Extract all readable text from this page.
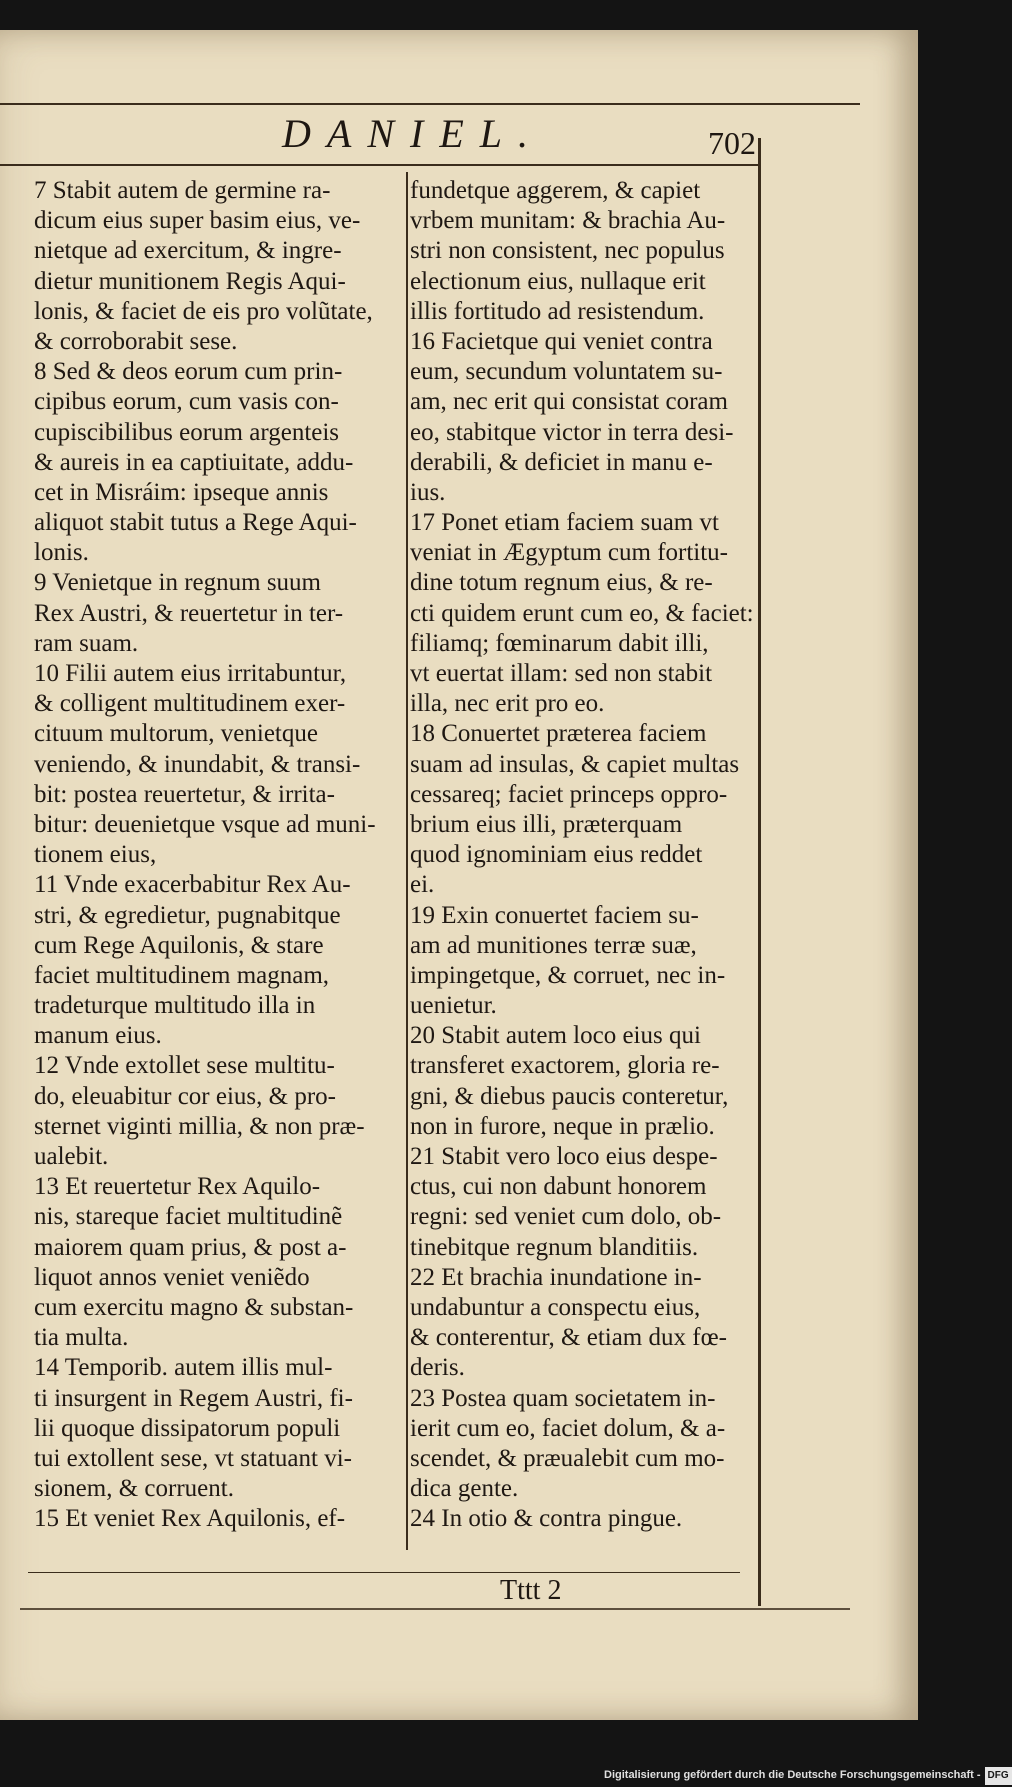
DANIEL.	702
7 Stabit autem de germine ra-
dicum eius super basim eius, ve-
nietque ad exercitum, & ingre-
dietur munitionem Regis Aqui-
lonis, & faciet de eis pro volũtate,
& corroborabit sese.
8 Sed & deos eorum cum prin-
cipibus eorum, cum vasis con-
cupiscibilibus eorum argenteis
& aureis in ea captiuitate, addu-
cet in Misráim: ipseque annis
aliquot stabit tutus a Rege Aqui-
lonis.
9 Venietque in regnum suum
Rex Austri, & reuertetur in ter-
ram suam.
10 Filii autem eius irritabuntur,
& colligent multitudinem exer-
cituum multorum, venietque
veniendo, & inundabit, & transi-
bit: postea reuertetur, & irrita-
bitur: deuenietque vsque ad muni-
tionem eius,
11 Vnde exacerbabitur Rex Au-
stri, & egredietur, pugnabitque
cum Rege Aquilonis, & stare
faciet multitudinem magnam,
tradeturque multitudo illa in
manum eius.
12 Vnde extollet sese multitu-
do, eleuabitur cor eius, & pro-
sternet viginti millia, & non præ-
ualebit.
13 Et reuertetur Rex Aquilo-
nis, stareque faciet multitudinẽ
maiorem quam prius, & post a-
liquot annos veniet veniẽdo
cum exercitu magno & substan-
tia multa.
14 Temporib. autem illis mul-
ti insurgent in Regem Austri, fi-
lii quoque dissipatorum populi
tui extollent sese, vt statuant vi-
sionem, & corruent.
15 Et veniet Rex Aquilonis, ef-
fundetque aggerem, & capiet
vrbem munitam: & brachia Au-
stri non consistent, nec populus
electionum eius, nullaque erit
illis fortitudo ad resistendum.
16 Facietque qui veniet contra
eum, secundum voluntatem su-
am, nec erit qui consistat coram
eo, stabitque victor in terra desi-
derabili, & deficiet in manu e-
ius.
17 Ponet etiam faciem suam vt
veniat in Ægyptum cum fortitu-
dine totum regnum eius, & re-
cti quidem erunt cum eo, & faciet:
filiamq; fœminarum dabit illi,
vt euertat illam: sed non stabit
illa, nec erit pro eo.
18 Conuertet præterea faciem
suam ad insulas, & capiet multas
cessareq; faciet princeps oppro-
brium eius illi, præterquam
quod ignominiam eius reddet
ei.
19 Exin conuertet faciem su-
am ad munitiones terræ suæ,
impingetque, & corruet, nec in-
uenietur.
20 Stabit autem loco eius qui
transferet exactorem, gloria re-
gni, & diebus paucis conteretur,
non in furore, neque in prælio.
21 Stabit vero loco eius despe-
ctus, cui non dabunt honorem
regni: sed veniet cum dolo, ob-
tinebitque regnum blanditiis.
22 Et brachia inundatione in-
undabuntur a conspectu eius,
& conterentur, & etiam dux fœ-
deris.
23 Postea quam societatem in-
ierit cum eo, faciet dolum, & a-
scendet, & præualebit cum mo-
dica gente.
24 In otio & contra pingue.
Tttt 2
Digitalisierung gefördert durch die Deutsche Forschungsgemeinschaft - DFG
